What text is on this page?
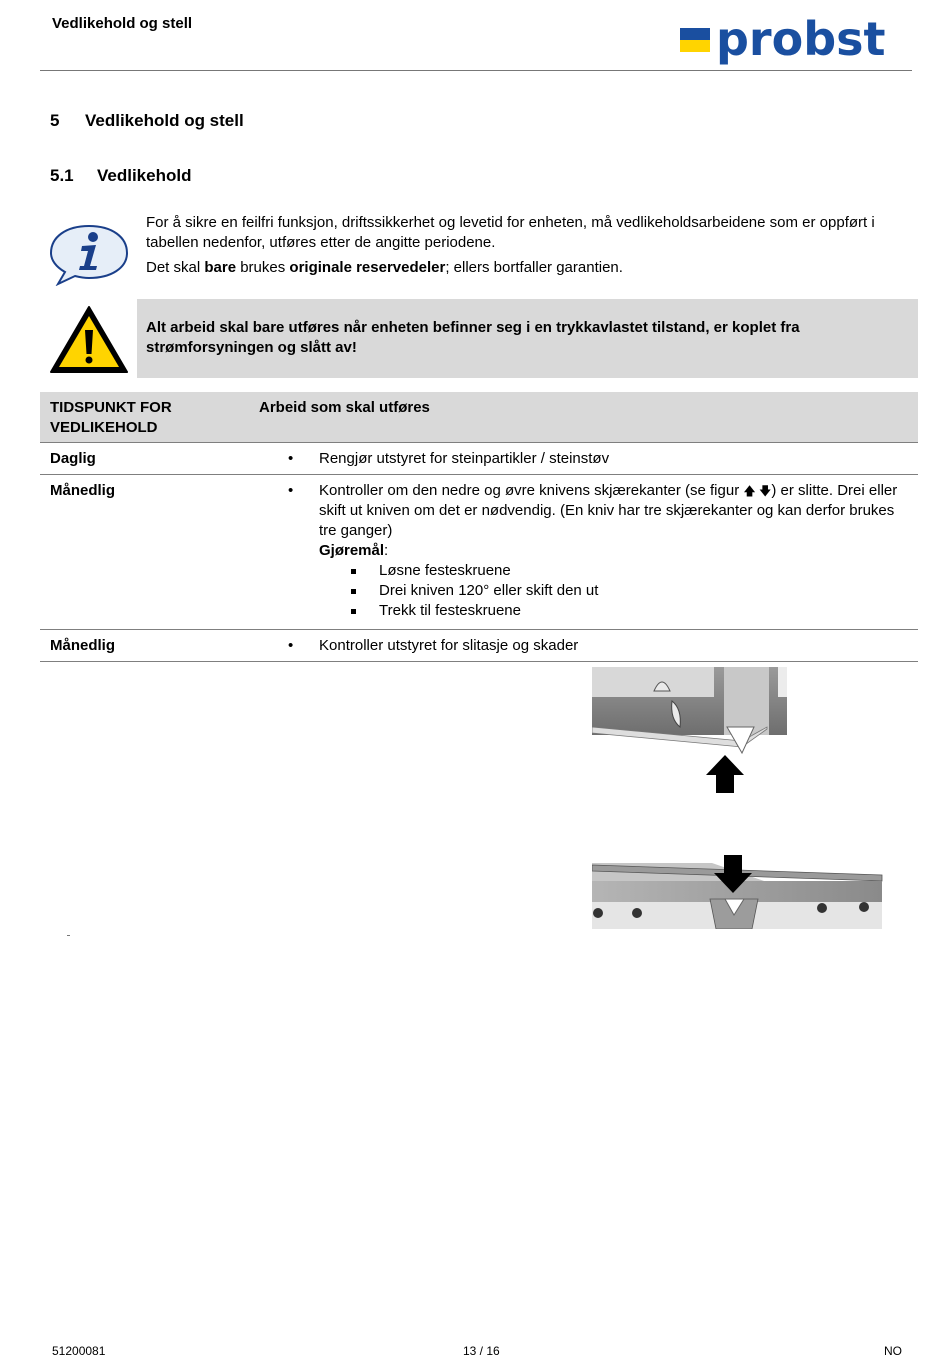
Vedlikehold og stell	probst
5 Vedlikehold og stell
5.1 Vedlikehold

For å sikre en feilfri funksjon, driftssikkerhet og levetid for enheten, må vedlikeholdsarbeidene som er oppført i tabellen nedenfor, utføres etter de angitte periodene.

Det skal bare brukes originale reservedeler; ellers bortfaller garantien.

Alt arbeid skal bare utføres når enheten befinner seg i en trykkavlastet tilstand, er koplet fra strømforsyningen og slått av!
TIDSPUNKT FOR VEDLIKEHOLD
Arbeid som skal utføres
Daglig	• Rengjør utstyret for steinpartikler / steinstøv
Månedlig	• Kontroller om den nedre og øvre knivens skjærekanter (se figur 🡅 🡇) er slitte. Drei eller skift ut kniven om det er nødvendig. (En kniv har tre skjærekanter og kan derfor brukes tre ganger)

Gjøremål:

Løsne festeskruene
Drei kniven 120° eller skift den ut
Trekk til festeskruene
Månedlig	• Kontroller utstyret for slitasje og skader
51200081	13 / 16	NO
